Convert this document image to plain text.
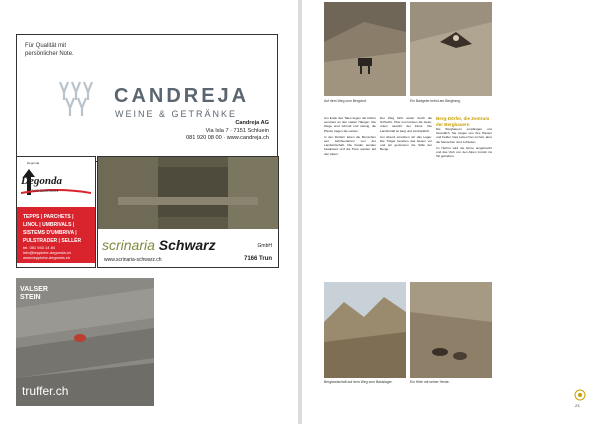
Für Qualität mit persönlicher Note.
CANDREJA
WEINE & GETRÄNKE
Candreja AG
Via Isla 7 · 7151 Schluein
081 920 08 00 · www.candreja.ch
Degonda
Degonda
7173 SURRHEIN
TEPPS | PARCHETS |
LINOL | UMBRIVALS |
SISTEMS D'UMBRIVA |
PULSTRADER | SELLÉR
tel. 081 943 14 84
info@teppiche-degonda.ch
www.teppiche-degonda.ch
scrinaria Schwarz	GmbH
www.scrinaria-schwarz.ch	7166 Trun
VALSER
STEIN
truffer.ch
Auf dem Weg zum Bergdorf.	Ein Bartgeier kreist am Berghang.

Am Ende des Tales liegen die Dörfer verstreut an den steilen Hängen. Die Wege sind schmal und steinig, die Pferde tragen die Lasten.

In den Dörfern leben die Menschen seit Jahrhunderten von der Landwirtschaft. Die Felder werden bewässert und die Tiere weiden auf den Alpen.

Der Weg führt weiter durch die Schlucht. Über uns kreisen die Geier, unten rauscht der Fluss. Die Landschaft ist karg und eindrücklich.

Am Abend erreichen wir das Lager. Die Träger bereiten das Essen vor und wir geniessen die Stille der Berge.

Berg-Dörfer, die Zentrum der Bergbauern

Die Bergbauern empfangen uns freundlich. Sie zeigen uns ihre Häuser und Felder. Das Leben hier ist hart, aber die Menschen sind zufrieden.

Im Herbst wird die Ernte eingebracht und das Vieh von den Alpen zurück ins Tal getrieben.

Berglandschaft auf dem Weg zum Basislager.	Ein Hirte mit seiner Herde.
23
